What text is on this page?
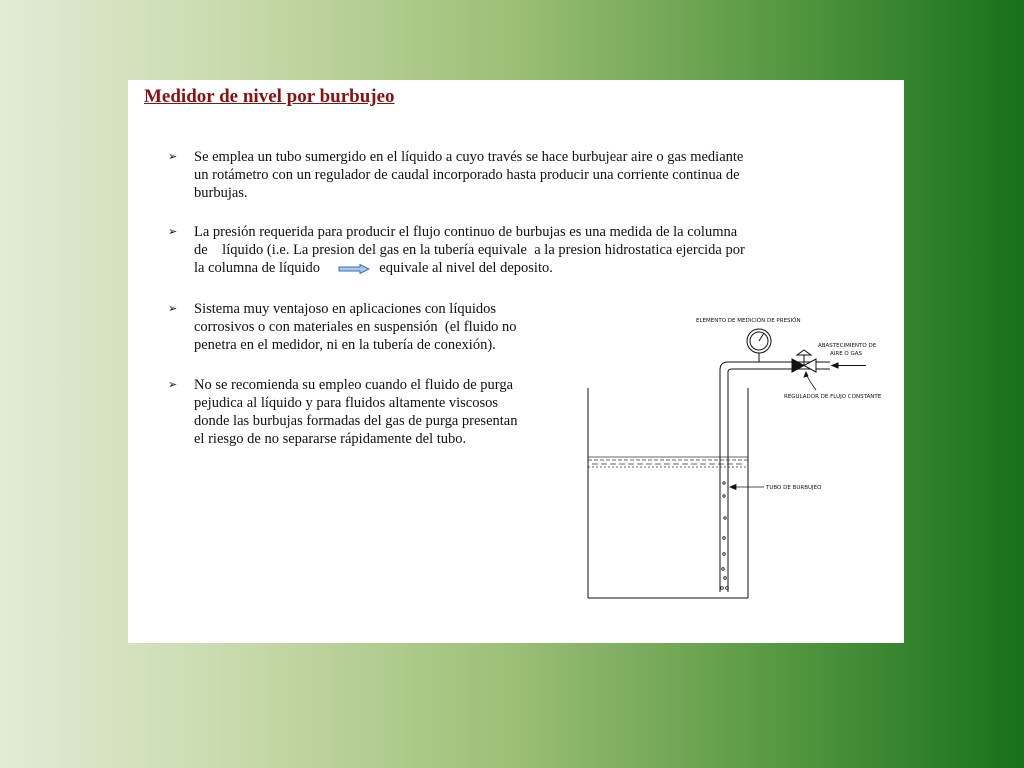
Medidor de nivel por burbujeo
➢ Se emplea un tubo sumergido en el líquido a cuyo través se hace burbujear aire o gas mediante
un rotámetro con un regulador de caudal incorporado hasta producir una corriente continua de
burbujas.
➢ La presión requerida para producir el flujo continuo de burbujas es una medida de la columna
de    líquido (i.e. La presion del gas en la tubería equivale  a la presion hidrostatica ejercida por
la columna de líquido	equivale al nivel del deposito.
➢ Sistema muy ventajoso en aplicaciones con líquidos
corrosivos o con materiales en suspensión  (el fluido no
penetra en el medidor, ni en la tubería de conexión).
➢ No se recomienda su empleo cuando el fluido de purga
pejudica al líquido y para fluidos altamente viscosos
donde las burbujas formadas del gas de purga presentan
el riesgo de no separarse rápidamente del tubo.
ELEMENTO DE MEDICIÓN DE PRESIÓN
ABASTECIMIENTO DE
AIRE O GAS
REGULADOR DE FLUJO CONSTANTE
TUBO DE BURBUJEO
